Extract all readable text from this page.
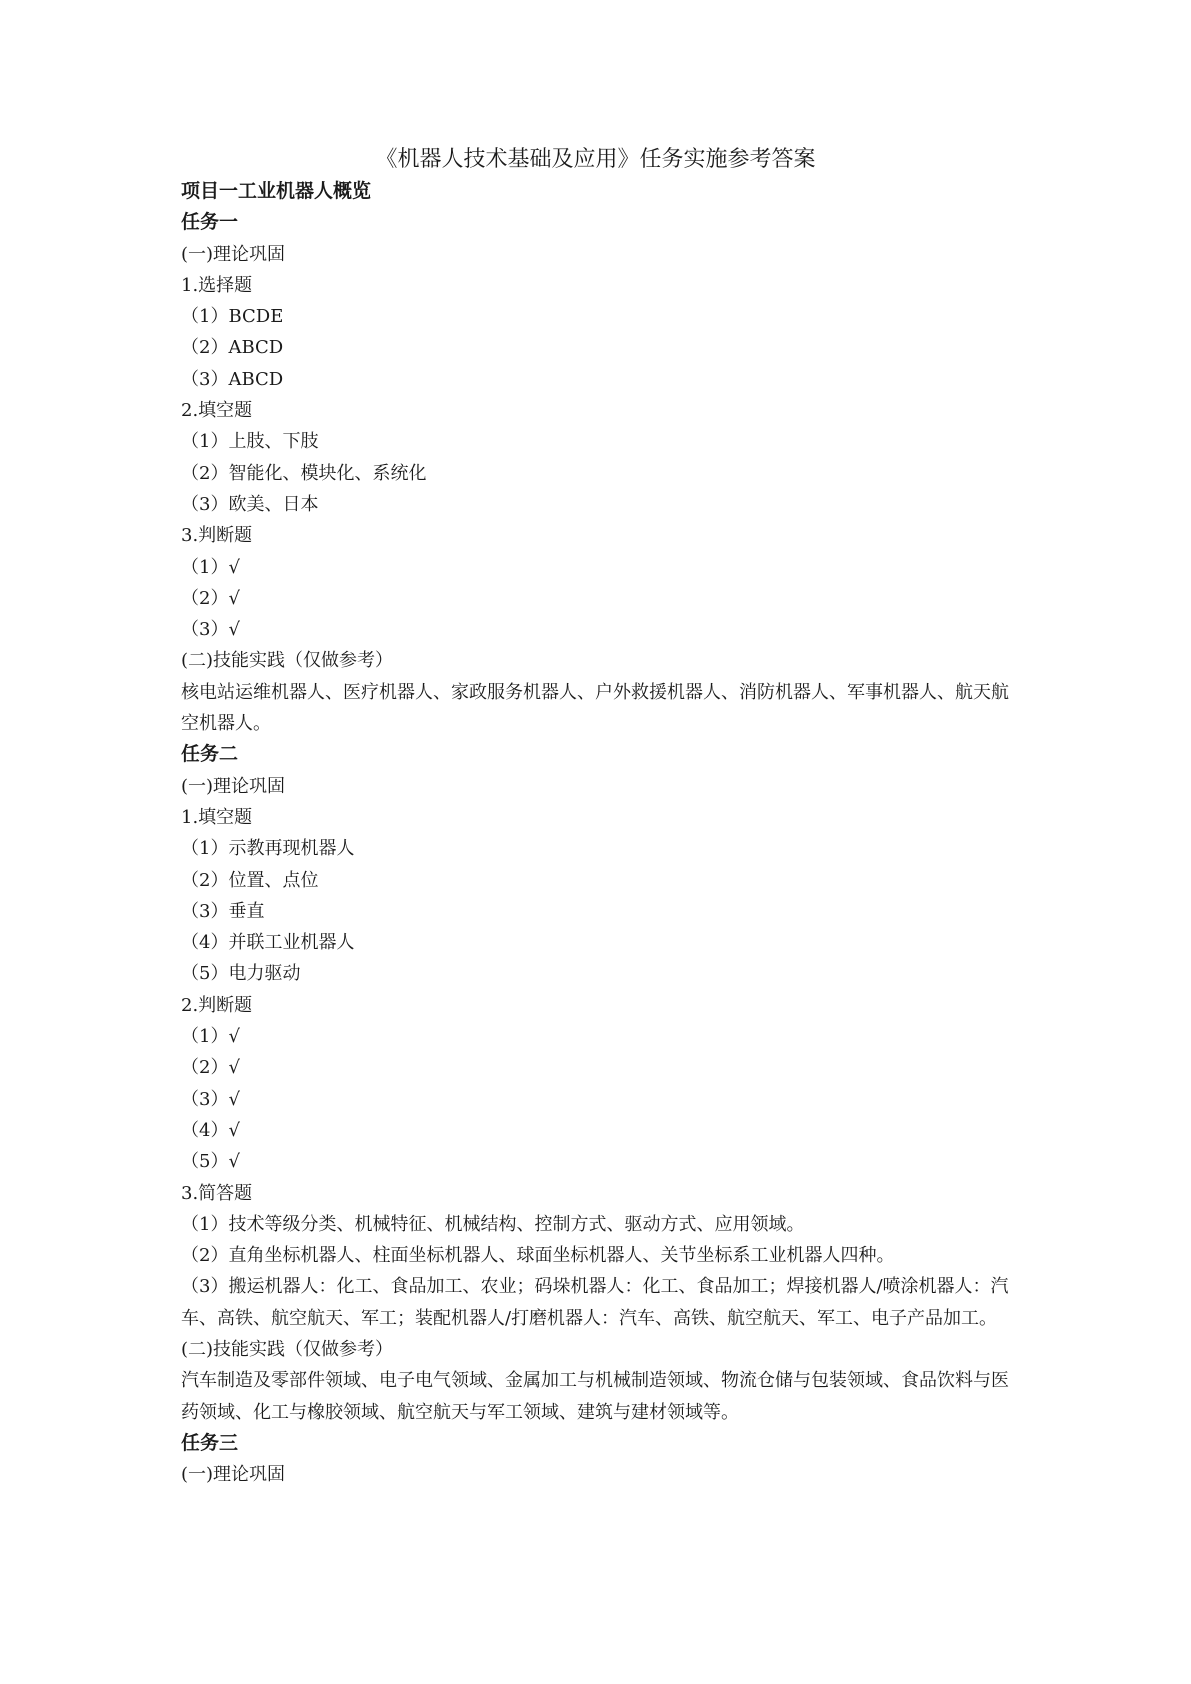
《机器人技术基础及应用》任务实施参考答案
项目一工业机器人概览
任务一
(一)理论巩固
1.选择题
（1）BCDE
（2）ABCD
（3）ABCD
2.填空题
（1）上肢、下肢
（2）智能化、模块化、系统化
（3）欧美、日本
3.判断题
（1）√
（2）√
（3）√
(二)技能实践（仅做参考）
核电站运维机器人、医疗机器人、家政服务机器人、户外救援机器人、消防机器人、军事机器人、航天航空机器人。
任务二
(一)理论巩固
1.填空题
（1）示教再现机器人
（2）位置、点位
（3）垂直
（4）并联工业机器人
（5）电力驱动
2.判断题
（1）√
（2）√
（3）√
（4）√
（5）√
3.简答题
（1）技术等级分类、机械特征、机械结构、控制方式、驱动方式、应用领域。
（2）直角坐标机器人、柱面坐标机器人、球面坐标机器人、关节坐标系工业机器人四种。
（3）搬运机器人：化工、食品加工、农业；码垛机器人：化工、食品加工；焊接机器人/喷涂机器人：汽车、高铁、航空航天、军工；装配机器人/打磨机器人：汽车、高铁、航空航天、军工、电子产品加工。
(二)技能实践（仅做参考）
汽车制造及零部件领域、电子电气领域、金属加工与机械制造领域、物流仓储与包装领域、食品饮料与医药领域、化工与橡胶领域、航空航天与军工领域、建筑与建材领域等。
任务三
(一)理论巩固
